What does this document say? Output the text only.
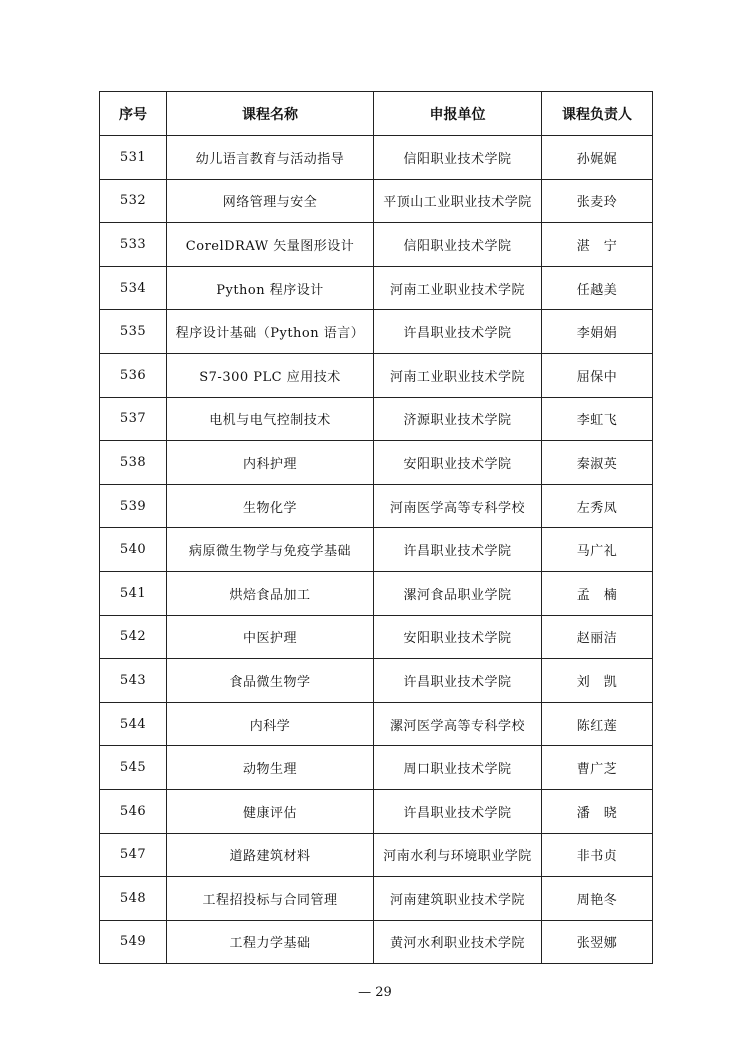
序号	课程名称	申报单位	课程负责人
531	幼儿语言教育与活动指导	信阳职业技术学院	孙娓娓
532	网络管理与安全	平顶山工业职业技术学院	张麦玲
533	CorelDRAW 矢量图形设计	信阳职业技术学院	湛　宁
534	Python 程序设计	河南工业职业技术学院	任越美
535	程序设计基础（Python 语言）	许昌职业技术学院	李娟娟
536	S7-300 PLC 应用技术	河南工业职业技术学院	屈保中
537	电机与电气控制技术	济源职业技术学院	李虹飞
538	内科护理	安阳职业技术学院	秦淑英
539	生物化学	河南医学高等专科学校	左秀凤
540	病原微生物学与免疫学基础	许昌职业技术学院	马广礼
541	烘焙食品加工	漯河食品职业学院	孟　楠
542	中医护理	安阳职业技术学院	赵丽洁
543	食品微生物学	许昌职业技术学院	刘　凯
544	内科学	漯河医学高等专科学校	陈红莲
545	动物生理	周口职业技术学院	曹广芝
546	健康评估	许昌职业技术学院	潘　晓
547	道路建筑材料	河南水利与环境职业学院	非书贞
548	工程招投标与合同管理	河南建筑职业技术学院	周艳冬
549	工程力学基础	黄河水利职业技术学院	张翌娜
— 29
